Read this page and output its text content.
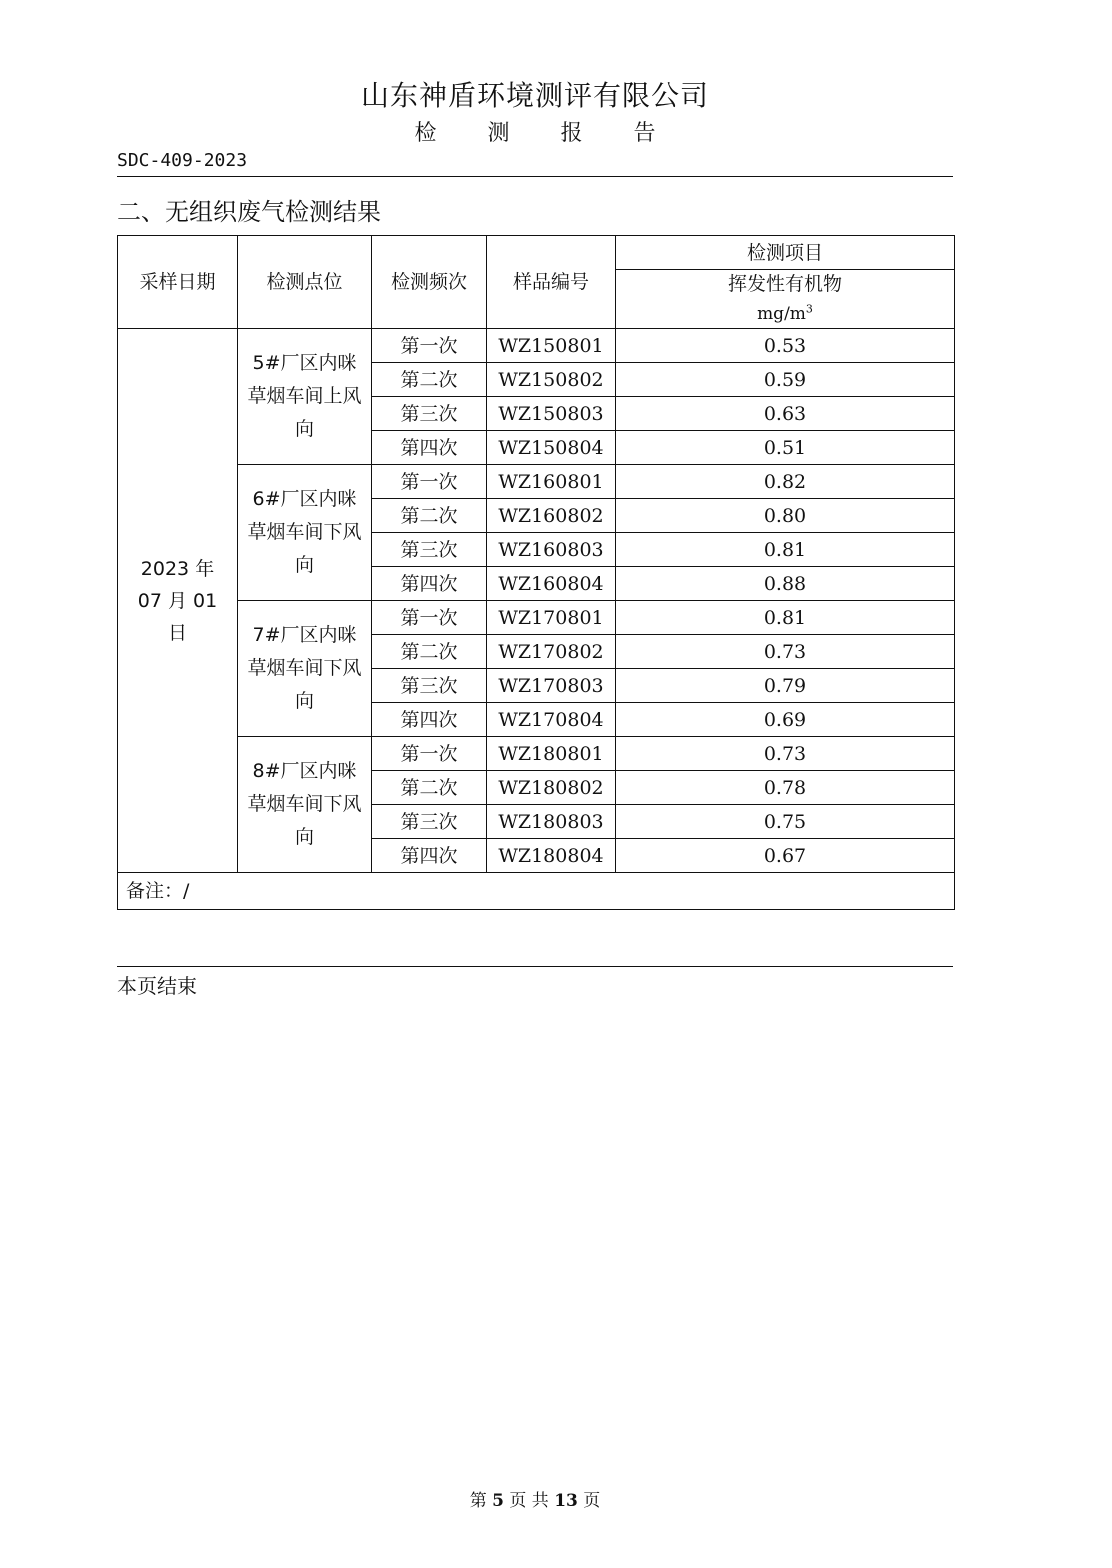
山东神盾环境测评有限公司
检 测 报 告
SDC-409-2023
二、无组织废气检测结果
采样日期	检测点位	检测频次	样品编号	检测项目
				挥发性有机物
$mg/m^3$
2023 年 07 月 01 日	5#厂区内咪草烟车间上风向	第一次	WZ150801	0.53
		第二次	WZ150802	0.59
		第三次	WZ150803	0.63
		第四次	WZ150804	0.51
	6#厂区内咪草烟车间下风向	第一次	WZ160801	0.82
		第二次	WZ160802	0.80
		第三次	WZ160803	0.81
		第四次	WZ160804	0.88
	7#厂区内咪草烟车间下风向	第一次	WZ170801	0.81
		第二次	WZ170802	0.73
		第三次	WZ170803	0.79
		第四次	WZ170804	0.69
	8#厂区内咪草烟车间下风向	第一次	WZ180801	0.73
		第二次	WZ180802	0.78
		第三次	WZ180803	0.75
		第四次	WZ180804	0.67
备注：/				
本页结束
第 5 页 共 13 页
